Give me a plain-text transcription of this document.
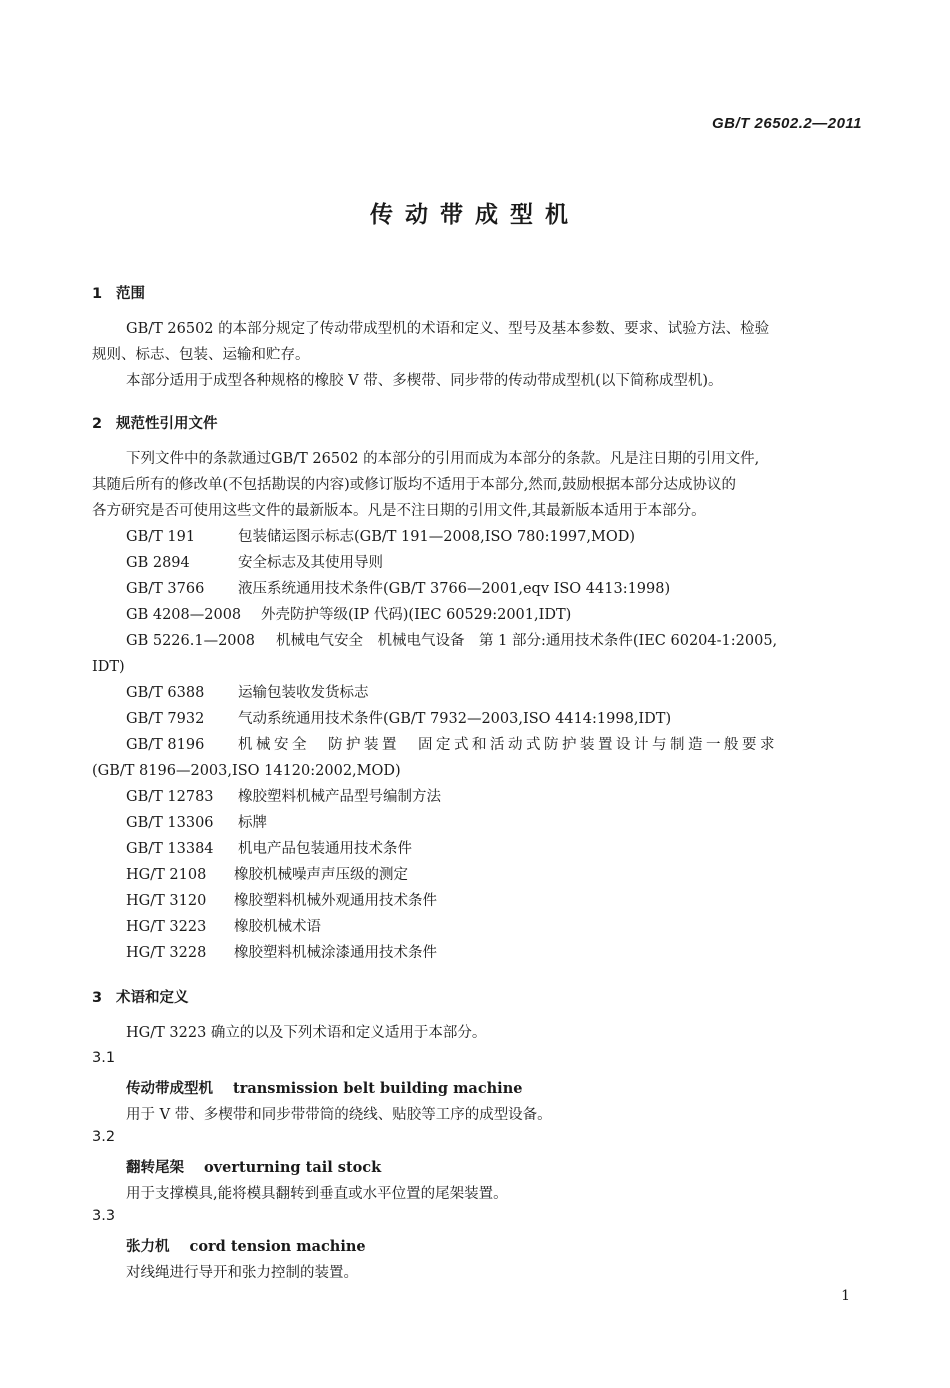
GB/T 26502.2—2011
传动带成型机
1 范围
GB/T 26502 的本部分规定了传动带成型机的术语和定义、型号及基本参数、要求、试验方法、检验
规则、标志、包装、运输和贮存。
本部分适用于成型各种规格的橡胶 V 带、多楔带、同步带的传动带成型机(以下简称成型机)。
2 规范性引用文件
下列文件中的条款通过GB/T 26502 的本部分的引用而成为本部分的条款。凡是注日期的引用文件,
其随后所有的修改单(不包括勘误的内容)或修订版均不适用于本部分,然而,鼓励根据本部分达成协议的
各方研究是否可使用这些文件的最新版本。凡是不注日期的引用文件,其最新版本适用于本部分。
GB/T 191	包装储运图示标志(GB/T 191—2008,ISO 780:1997,MOD)
GB 2894	安全标志及其使用导则
GB/T 3766 液压系统通用技术条件(GB/T 3766—2001,eqv ISO 4413:1998)
GB 4208—2008 外壳防护等级(IP 代码)(IEC 60529:2001,IDT)
GB 5226.1—2008 机械电气安全　机械电气设备　第 1 部分:通用技术条件(IEC 60204-1:2005,
IDT)
GB/T 6388 运输包装收发货标志
GB/T 7932 气动系统通用技术条件(GB/T 7932—2003,ISO 4414:1998,IDT)
GB/T 8196 机械安全　防护装置　固定式和活动式防护装置设计与制造一般要求
(GB/T 8196—2003,ISO 14120:2002,MOD)
GB/T 12783 橡胶塑料机械产品型号编制方法
GB/T 13306 标牌
GB/T 13384 机电产品包装通用技术条件
HG/T 2108 橡胶机械噪声声压级的测定
HG/T 3120 橡胶塑料机械外观通用技术条件
HG/T 3223 橡胶机械术语
HG/T 3228 橡胶塑料机械涂漆通用技术条件
3 术语和定义
HG/T 3223 确立的以及下列术语和定义适用于本部分。
3.1
传动带成型机 transmission belt building machine
用于 V 带、多楔带和同步带带筒的绕线、贴胶等工序的成型设备。
3.2
翻转尾架 overturning tail stock
用于支撑模具,能将模具翻转到垂直或水平位置的尾架装置。
3.3
张力机 cord tension machine
对线绳进行导开和张力控制的装置。
1
